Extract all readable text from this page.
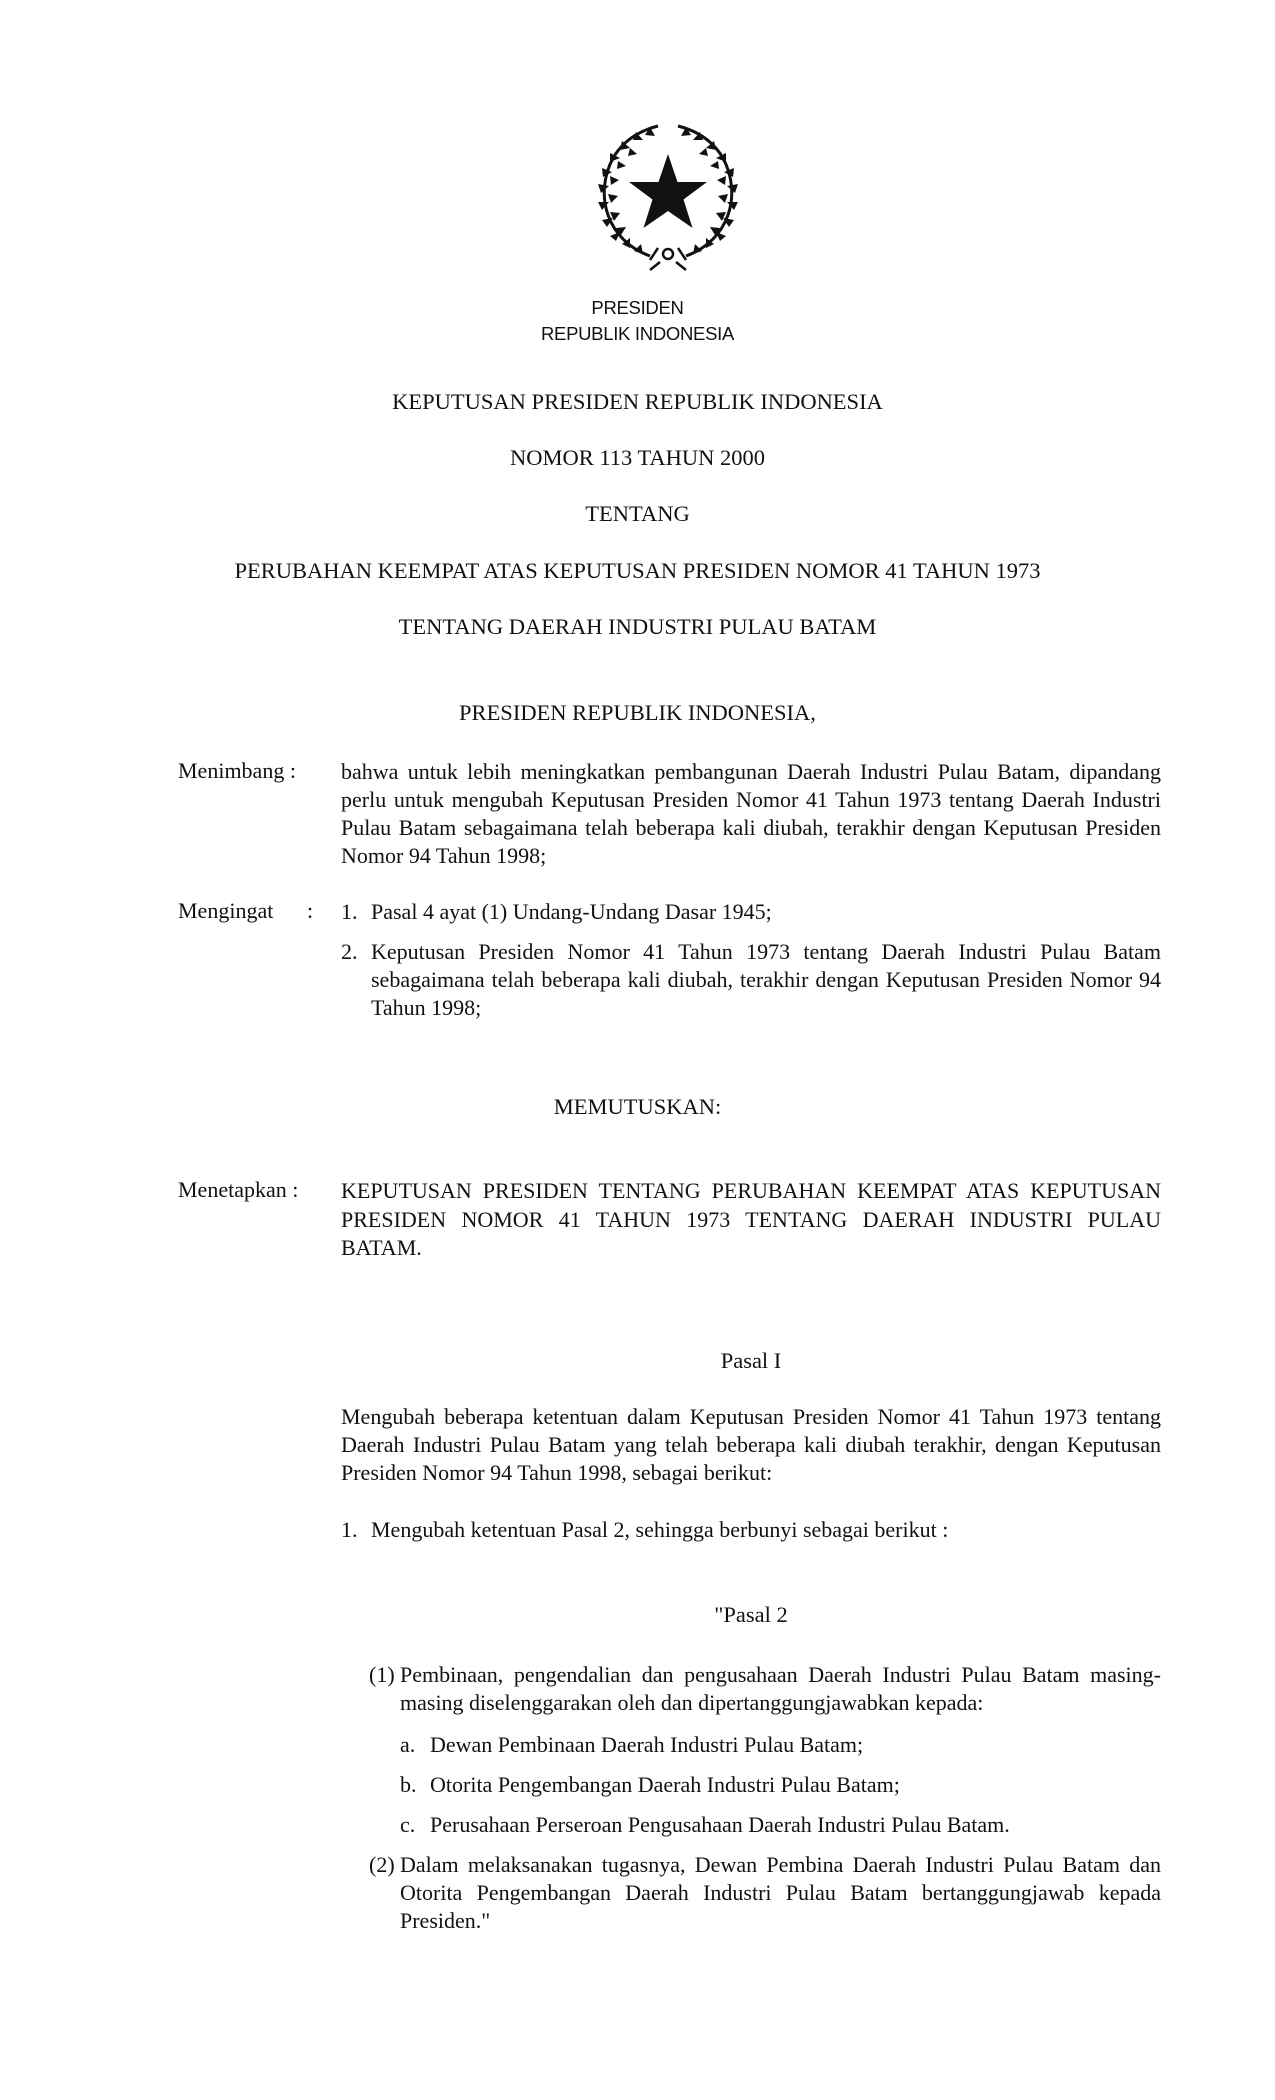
PRESIDEN
REPUBLIK INDONESIA
KEPUTUSAN PRESIDEN REPUBLIK INDONESIA
NOMOR 113 TAHUN 2000
TENTANG
PERUBAHAN KEEMPAT ATAS KEPUTUSAN PRESIDEN NOMOR 41 TAHUN 1973
TENTANG DAERAH INDUSTRI PULAU BATAM
PRESIDEN REPUBLIK INDONESIA,
Menimbang :	bahwa untuk lebih meningkatkan pembangunan Daerah Industri Pulau Batam, dipandang perlu untuk mengubah Keputusan Presiden Nomor 41 Tahun 1973 tentang Daerah Industri Pulau Batam sebagaimana telah beberapa kali diubah, terakhir dengan Keputusan Presiden Nomor 94 Tahun 1998;
Mengingat : 1. Pasal 4 ayat (1) Undang-Undang Dasar 1945;
2. Keputusan Presiden Nomor 41 Tahun 1973 tentang Daerah Industri Pulau Batam sebagaimana telah beberapa kali diubah, terakhir dengan Keputusan Presiden Nomor 94 Tahun 1998;

MEMUTUSKAN:
Menetapkan :	KEPUTUSAN PRESIDEN TENTANG PERUBAHAN KEEMPAT ATAS KEPUTUSAN PRESIDEN NOMOR 41 TAHUN 1973 TENTANG DAERAH INDUSTRI PULAU BATAM.
Pasal I
Mengubah beberapa ketentuan dalam Keputusan Presiden Nomor 41 Tahun 1973 tentang Daerah Industri Pulau Batam yang telah beberapa kali diubah terakhir, dengan Keputusan Presiden Nomor 94 Tahun 1998, sebagai berikut:
1. Mengubah ketentuan Pasal 2, sehingga berbunyi sebagai berikut :
"Pasal 2
(1) Pembinaan, pengendalian dan pengusahaan Daerah Industri Pulau Batam masing-masing diselenggarakan oleh dan dipertanggungjawabkan kepada:

a. Dewan Pembinaan Daerah Industri Pulau Batam;
b. Otorita Pengembangan Daerah Industri Pulau Batam;
c. Perusahaan Perseroan Pengusahaan Daerah Industri Pulau Batam.
(2) Dalam melaksanakan tugasnya, Dewan Pembina Daerah Industri Pulau Batam dan Otorita Pengembangan Daerah Industri Pulau Batam bertanggungjawab kepada Presiden."
